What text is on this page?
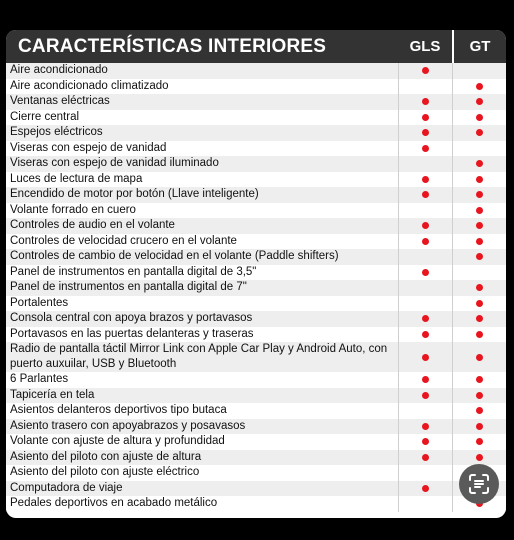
CARACTERÍSTICAS INTERIORES	GLS	GT
Aire acondicionado
Aire acondicionado climatizado
Ventanas eléctricas
Cierre central
Espejos eléctricos
Viseras con espejo de vanidad
Viseras con espejo de vanidad iluminado
Luces de lectura de mapa
Encendido de motor por botón (Llave inteligente)
Volante forrado en cuero
Controles de audio en el volante
Controles de velocidad crucero en el volante
Controles de cambio de velocidad en el volante (Paddle shifters)
Panel de instrumentos en pantalla digital de 3,5"
Panel de instrumentos en pantalla digital de 7"
Portalentes
Consola central con apoya brazos y portavasos
Portavasos en las puertas delanteras y traseras
Radio de pantalla táctil Mirror Link con Apple Car Play y Android Auto, con puerto auxuilar, USB y Bluetooth
6 Parlantes
Tapicería en tela
Asientos delanteros deportivos tipo butaca
Asiento trasero con apoyabrazos y posavasos
Volante con ajuste de altura y profundidad
Asiento del piloto con ajuste de altura
Asiento del piloto con ajuste eléctrico
Computadora de viaje
Pedales deportivos en acabado metálico
